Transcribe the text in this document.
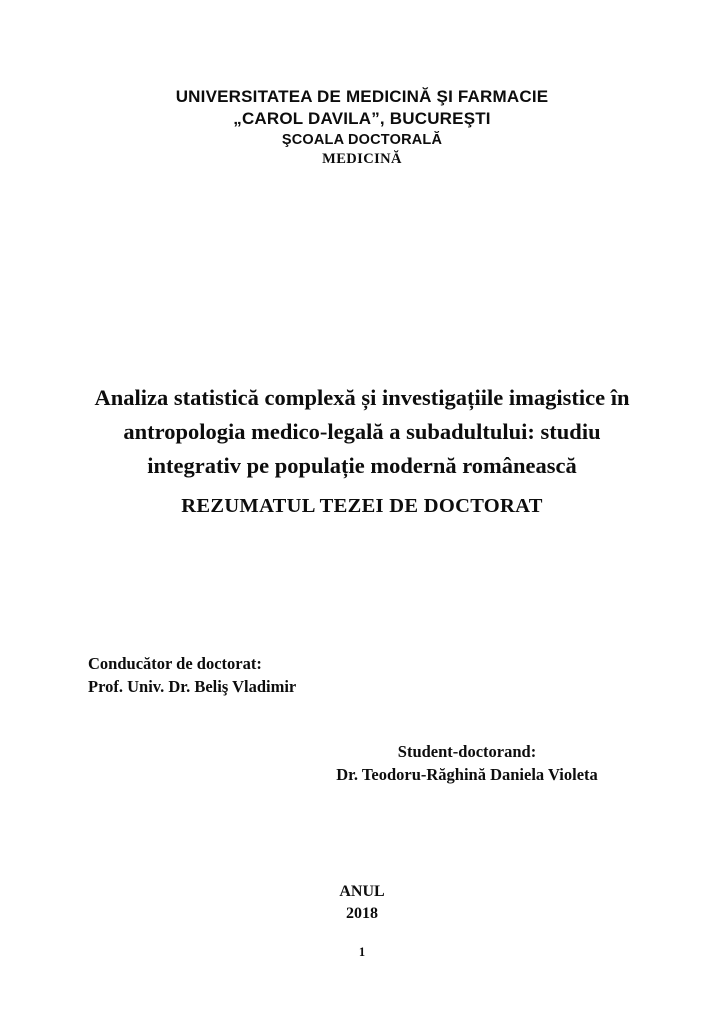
UNIVERSITATEA DE MEDICINĂ ŞI FARMACIE
„CAROL DAVILA”, BUCUREŞTI
ŞCOALA DOCTORALĂ
MEDICINĂ
Analiza statistică complexă și investigațiile imagistice în
antropologia medico-legală a subadultului: studiu
integrativ pe populație modernă românească
REZUMATUL TEZEI DE DOCTORAT
Conducător de doctorat:
Prof. Univ. Dr. Beliş Vladimir
Student-doctorand:
Dr. Teodoru-Răghină Daniela Violeta
ANUL
2018
1
